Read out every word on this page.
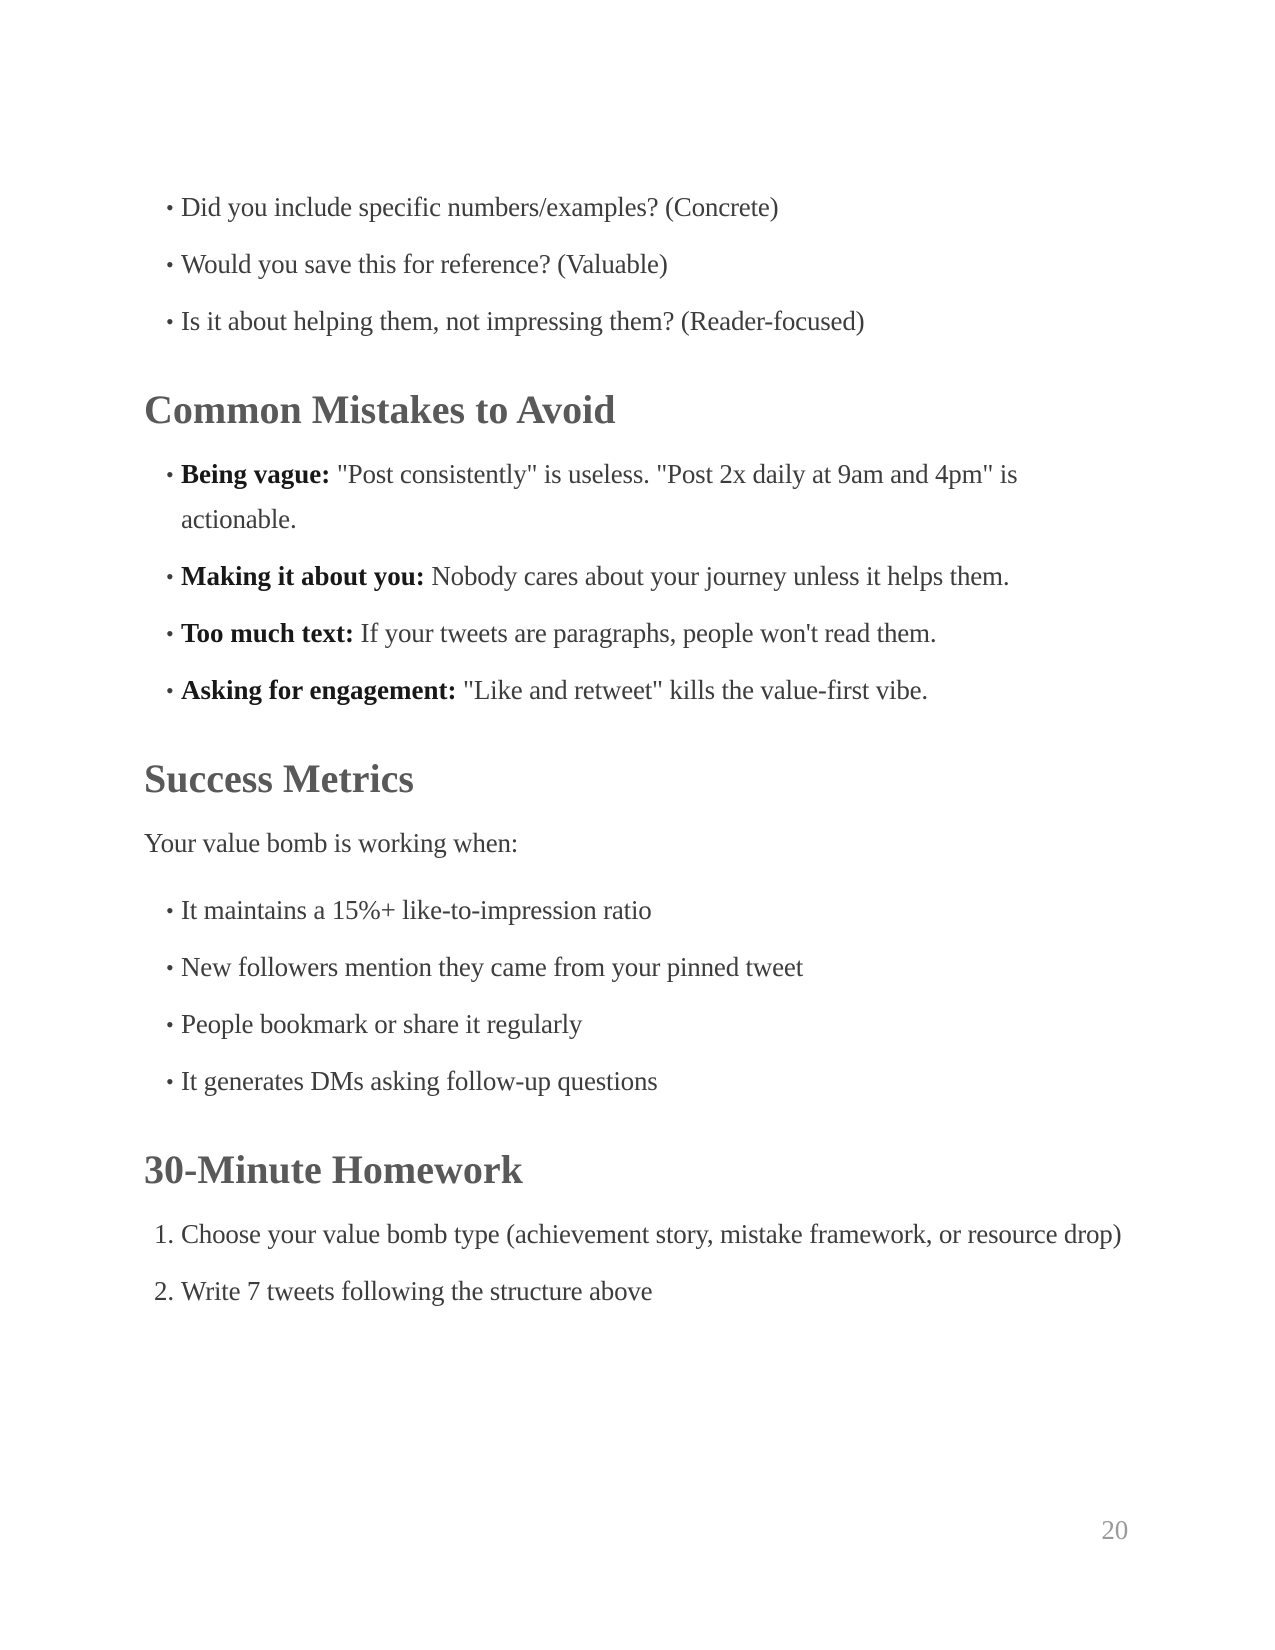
• Did you include specific numbers/examples? (Concrete)
• Would you save this for reference? (Valuable)
• Is it about helping them, not impressing them? (Reader-focused)
Common Mistakes to Avoid
• Being vague: "Post consistently" is useless. "Post 2x daily at 9am and 4pm" is actionable.
• Making it about you: Nobody cares about your journey unless it helps them.
• Too much text: If your tweets are paragraphs, people won't read them.
• Asking for engagement: "Like and retweet" kills the value-first vibe.
Success Metrics

Your value bomb is working when:

• It maintains a 15%+ like-to-impression ratio
• New followers mention they came from your pinned tweet
• People bookmark or share it regularly
• It generates DMs asking follow-up questions
30-Minute Homework
Choose your value bomb type (achievement story, mistake framework, or resource drop)
Write 7 tweets following the structure above
20
